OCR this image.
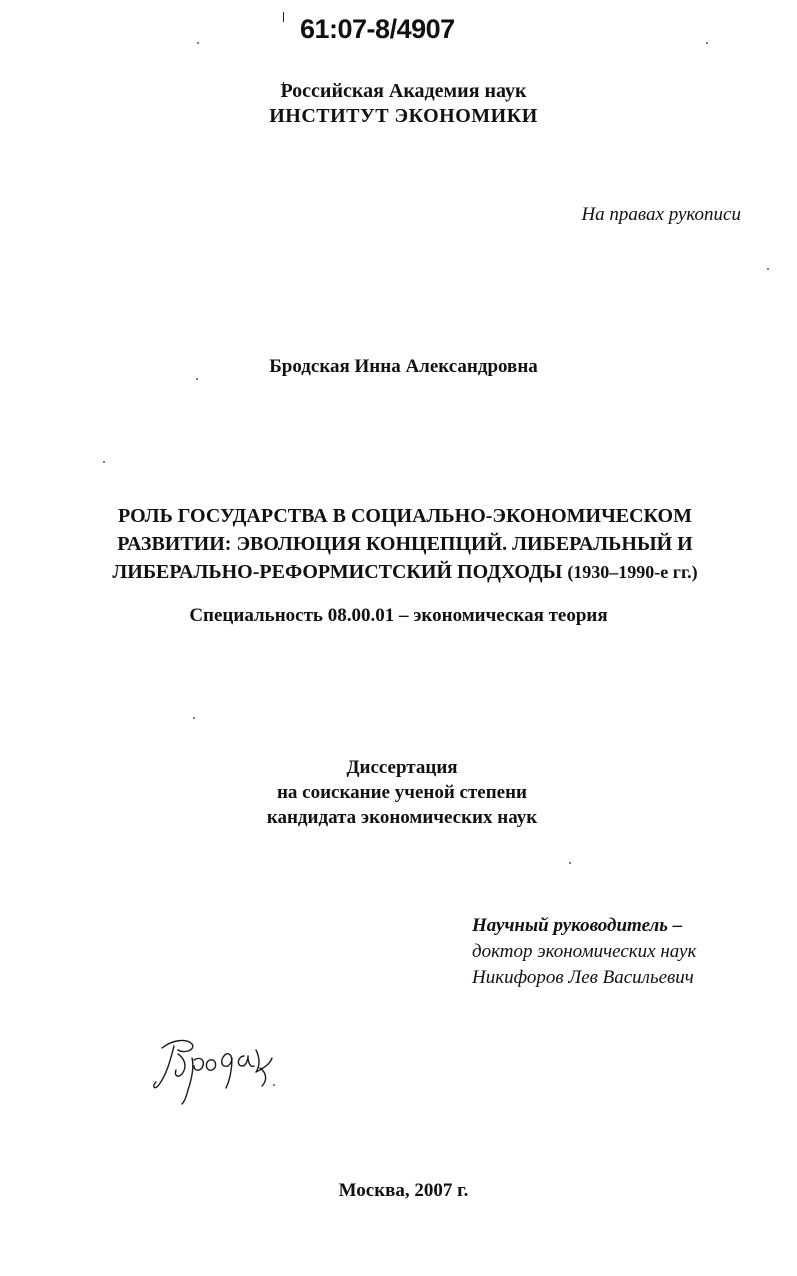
61:07-8/4907

Российская Академия наук

ИНСТИТУТ ЭКОНОМИКИ

На правах рукописи

Бродская Инна Александровна

РОЛЬ ГОСУДАРСТВА В СОЦИАЛЬНО-ЭКОНОМИЧЕСКОМ
РАЗВИТИИ: ЭВОЛЮЦИЯ КОНЦЕПЦИЙ. ЛИБЕРАЛЬНЫЙ И
ЛИБЕРАЛЬНО-РЕФОРМИСТСКИЙ ПОДХОДЫ (1930–1990-е гг.)

Специальность 08.00.01 – экономическая теория

Диссертация
на соискание ученой степени
кандидата экономических наук
Научный руководитель –
доктор экономических наук
Никифоров Лев Васильевич

Москва, 2007 г.
